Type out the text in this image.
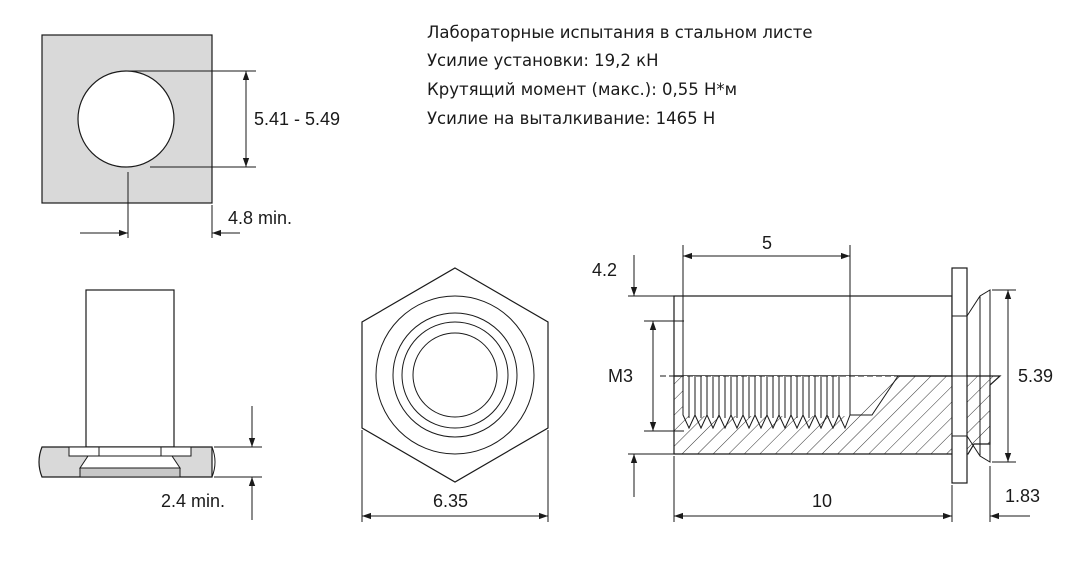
5.41 - 5.49
4.8 min.
Лабораторные испытания в стальном листе
Усилие установки: 19,2 кН
Крутящий момент (макс.): 0,55 Н*м
Усилие на выталкивание: 1465 Н
2.4 min.	6.35
4.2
5
M3
10
5.39
1.83
